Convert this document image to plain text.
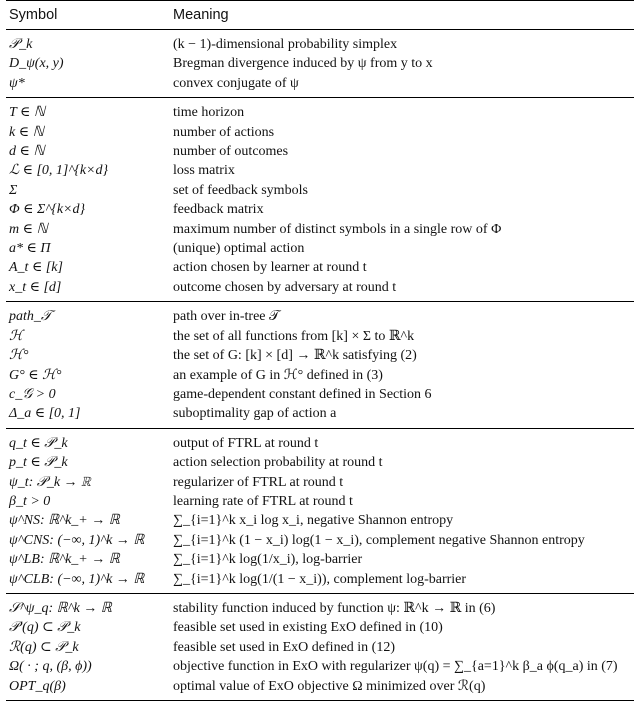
Symbol	Meaning
𝒫_k	(k − 1)-dimensional probability simplex
D_ψ(x, y)	Bregman divergence induced by ψ from y to x
ψ*	convex conjugate of ψ
T ∈ ℕ	time horizon
k ∈ ℕ	number of actions
d ∈ ℕ	number of outcomes
ℒ ∈ [0, 1]^{k×d}	loss matrix
Σ	set of feedback symbols
Φ ∈ Σ^{k×d}	feedback matrix
m ∈ ℕ	maximum number of distinct symbols in a single row of Φ
a* ∈ Π	(unique) optimal action
A_t ∈ [k]	action chosen by learner at round t
x_t ∈ [d]	outcome chosen by adversary at round t
path_𝒯	path over in-tree 𝒯
ℋ	the set of all functions from [k] × Σ to ℝ^k
ℋ°	the set of G: [k] × [d] → ℝ^k satisfying (2)
G° ∈ ℋ°	an example of G in ℋ° defined in (3)
c_𝒢 > 0	game-dependent constant defined in Section 6
Δ_a ∈ [0, 1]	suboptimality gap of action a
q_t ∈ 𝒫_k	output of FTRL at round t
p_t ∈ 𝒫_k	action selection probability at round t
ψ_t: 𝒫_k → ℝ	regularizer of FTRL at round t
β_t > 0	learning rate of FTRL at round t
ψ^NS: ℝ^k_+ → ℝ	∑_{i=1}^k x_i log x_i, negative Shannon entropy
ψ^CNS: (−∞, 1)^k → ℝ	∑_{i=1}^k (1 − x_i) log(1 − x_i), complement negative Shannon entropy
ψ^LB: ℝ^k_+ → ℝ	∑_{i=1}^k log(1/x_i), log-barrier
ψ^CLB: (−∞, 1)^k → ℝ	∑_{i=1}^k log(1/(1 − x_i)), complement log-barrier
𝒮^ψ_q: ℝ^k → ℝ	stability function induced by function ψ: ℝ^k → ℝ in (6)
𝒫′(q) ⊂ 𝒫_k	feasible set used in existing ExO defined in (10)
ℛ(q) ⊂ 𝒫_k	feasible set used in ExO defined in (12)
Ω( · ; q, (β, ϕ))	objective function in ExO with regularizer ψ(q) = ∑_{a=1}^k β_a ϕ(q_a) in (7)
OPT_q(β)	optimal value of ExO objective Ω minimized over ℛ(q)
